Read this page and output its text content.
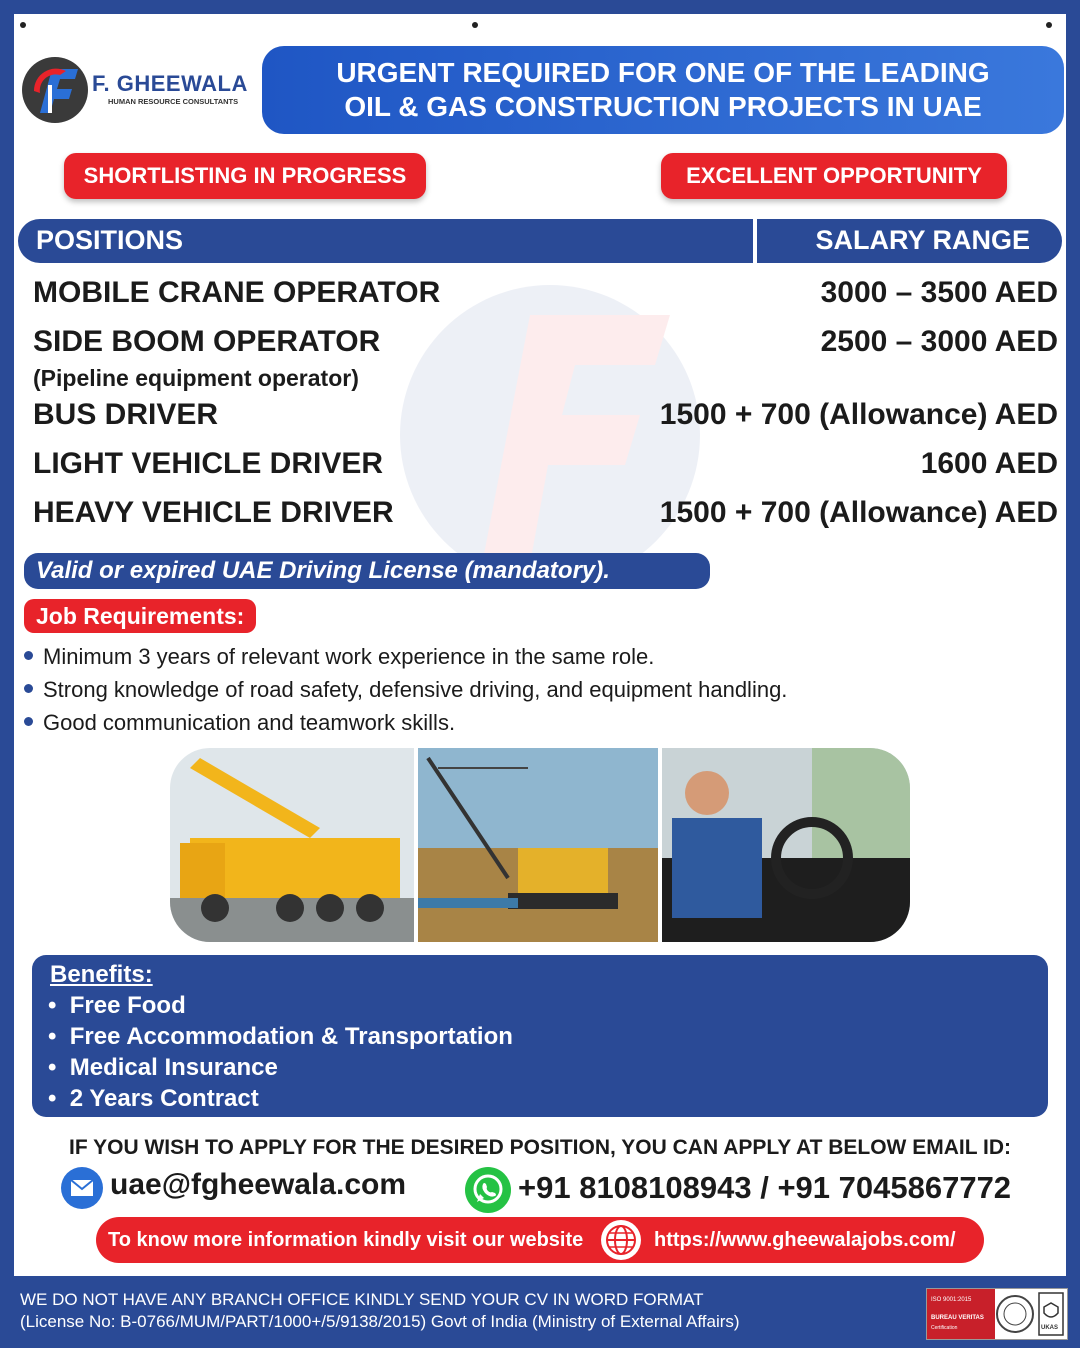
F. GHEEWALA
HUMAN RESOURCE CONSULTANTS
URGENT REQUIRED FOR ONE OF THE LEADING
OIL & GAS CONSTRUCTION PROJECTS IN UAE
SHORTLISTING IN PROGRESS	EXCELLENT OPPORTUNITY
POSITIONS	SALARY RANGE
MOBILE CRANE OPERATOR	3000 – 3500 AED
SIDE BOOM OPERATOR	2500 – 3000 AED
(Pipeline equipment operator)
BUS DRIVER	1500 + 700 (Allowance) AED
LIGHT VEHICLE DRIVER	1600 AED
HEAVY VEHICLE DRIVER	1500 + 700 (Allowance) AED
Valid or expired UAE Driving License (mandatory).
Job Requirements:
Minimum 3 years of relevant work experience in the same role.
Strong knowledge of road safety, defensive driving, and equipment handling.
Good communication and teamwork skills.
Benefits:
•  Free Food
•  Free Accommodation & Transportation
•  Medical Insurance
•  2 Years Contract
IF YOU WISH TO APPLY FOR THE DESIRED POSITION, YOU CAN APPLY AT BELOW EMAIL ID:
uae@fgheewala.com	+91 8108108943 / +91 7045867772
To know more information kindly visit our website	https://www.gheewalajobs.com/
WE DO NOT HAVE ANY BRANCH OFFICE KINDLY SEND YOUR CV IN WORD FORMAT
(License No: B-0766/MUM/PART/1000+/5/9138/2015) Govt of India (Ministry of External Affairs)
ISO 9001:2015
BUREAU VERITAS
Certification	UKAS
